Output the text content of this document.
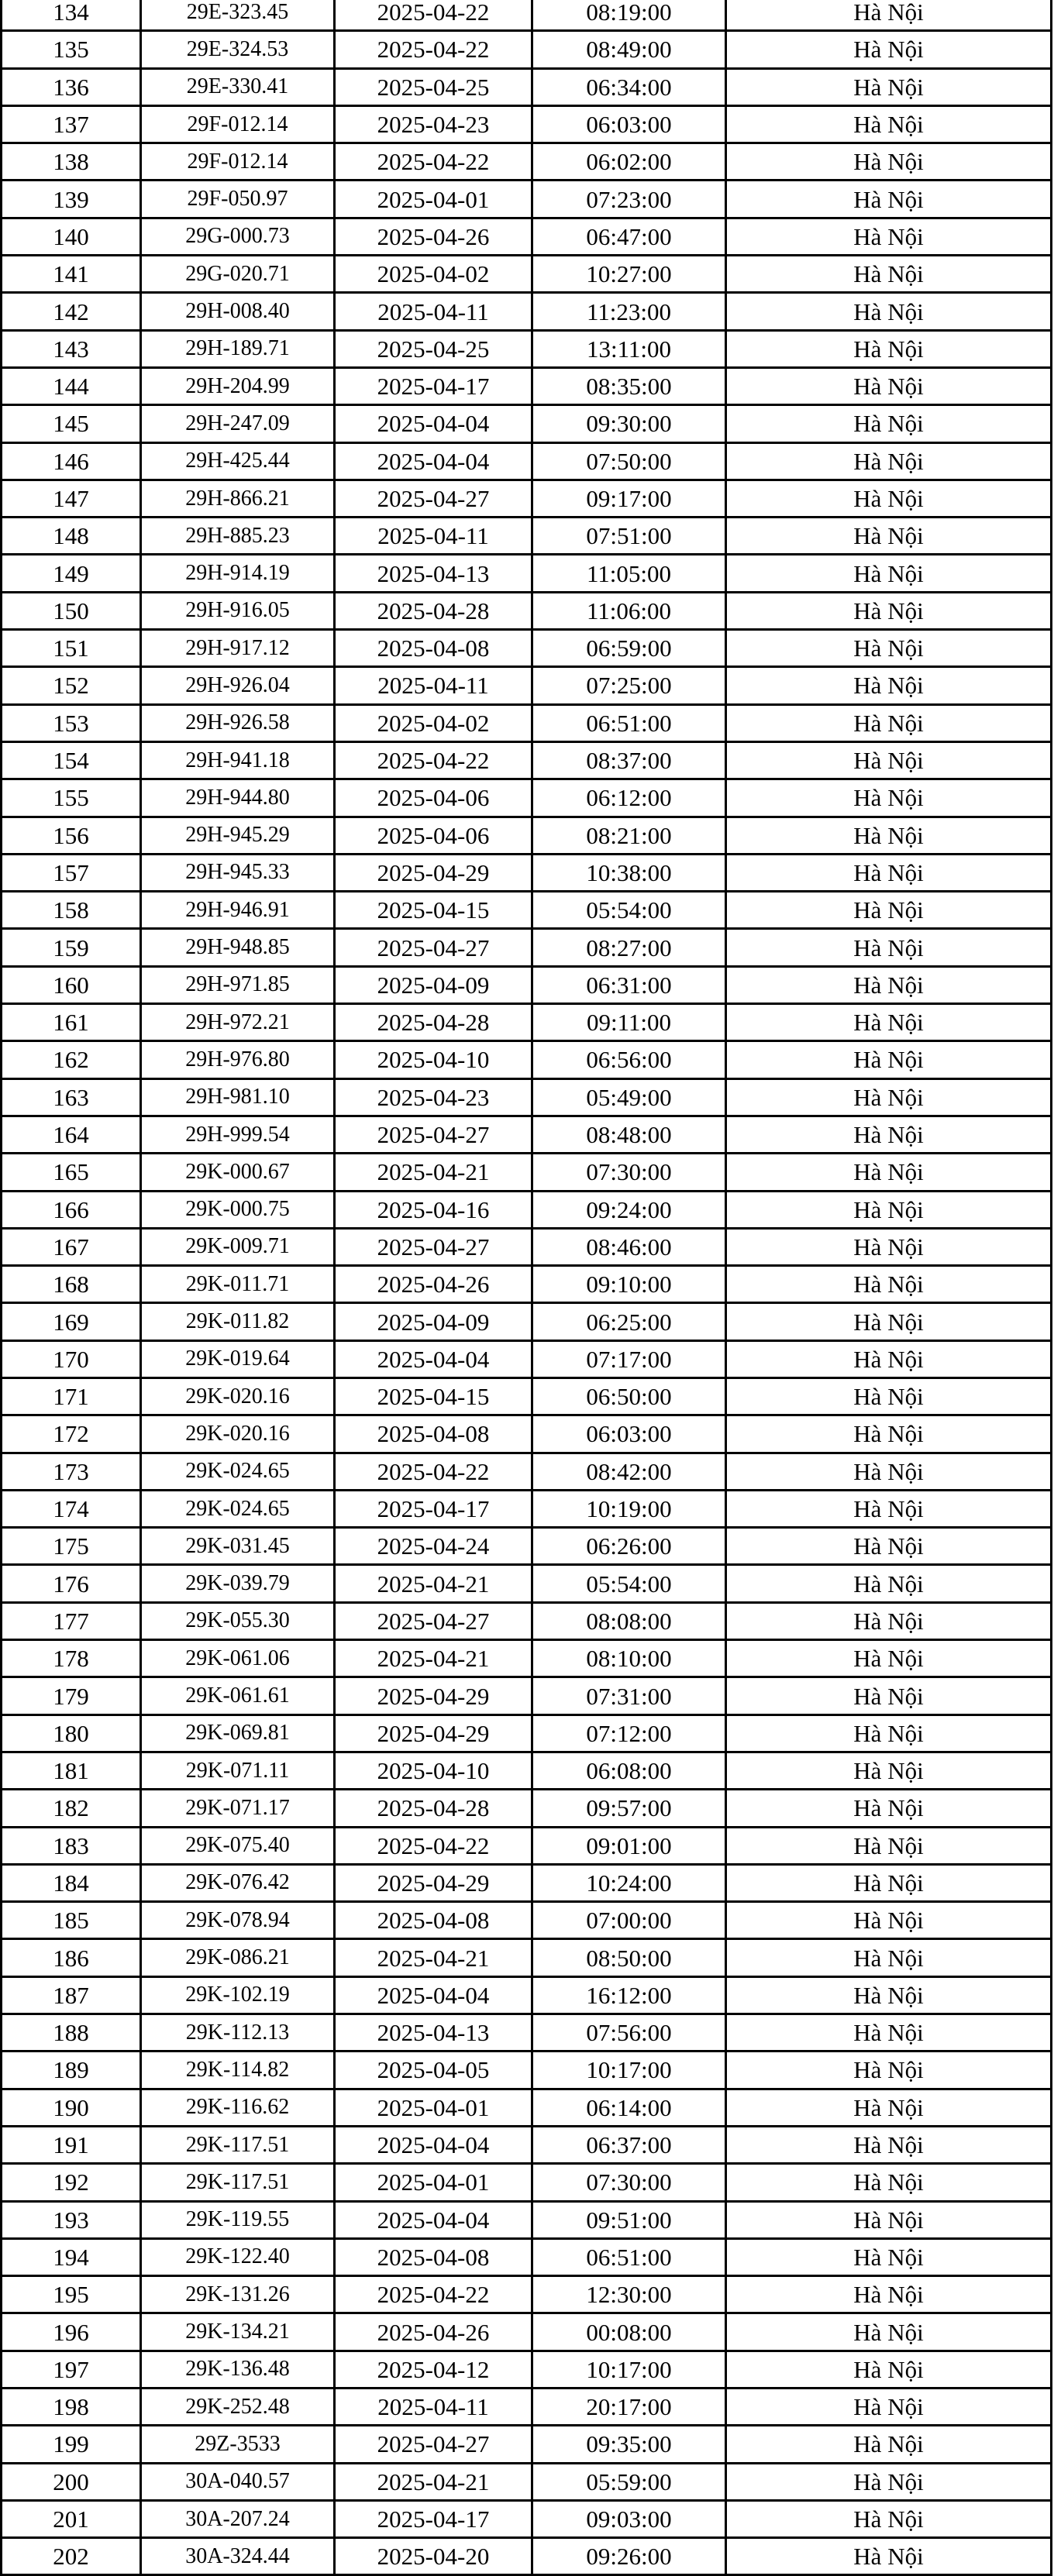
134	29E-323.45	2025-04-22	08:19:00	Hà Nội
135	29E-324.53	2025-04-22	08:49:00	Hà Nội
136	29E-330.41	2025-04-25	06:34:00	Hà Nội
137	29F-012.14	2025-04-23	06:03:00	Hà Nội
138	29F-012.14	2025-04-22	06:02:00	Hà Nội
139	29F-050.97	2025-04-01	07:23:00	Hà Nội
140	29G-000.73	2025-04-26	06:47:00	Hà Nội
141	29G-020.71	2025-04-02	10:27:00	Hà Nội
142	29H-008.40	2025-04-11	11:23:00	Hà Nội
143	29H-189.71	2025-04-25	13:11:00	Hà Nội
144	29H-204.99	2025-04-17	08:35:00	Hà Nội
145	29H-247.09	2025-04-04	09:30:00	Hà Nội
146	29H-425.44	2025-04-04	07:50:00	Hà Nội
147	29H-866.21	2025-04-27	09:17:00	Hà Nội
148	29H-885.23	2025-04-11	07:51:00	Hà Nội
149	29H-914.19	2025-04-13	11:05:00	Hà Nội
150	29H-916.05	2025-04-28	11:06:00	Hà Nội
151	29H-917.12	2025-04-08	06:59:00	Hà Nội
152	29H-926.04	2025-04-11	07:25:00	Hà Nội
153	29H-926.58	2025-04-02	06:51:00	Hà Nội
154	29H-941.18	2025-04-22	08:37:00	Hà Nội
155	29H-944.80	2025-04-06	06:12:00	Hà Nội
156	29H-945.29	2025-04-06	08:21:00	Hà Nội
157	29H-945.33	2025-04-29	10:38:00	Hà Nội
158	29H-946.91	2025-04-15	05:54:00	Hà Nội
159	29H-948.85	2025-04-27	08:27:00	Hà Nội
160	29H-971.85	2025-04-09	06:31:00	Hà Nội
161	29H-972.21	2025-04-28	09:11:00	Hà Nội
162	29H-976.80	2025-04-10	06:56:00	Hà Nội
163	29H-981.10	2025-04-23	05:49:00	Hà Nội
164	29H-999.54	2025-04-27	08:48:00	Hà Nội
165	29K-000.67	2025-04-21	07:30:00	Hà Nội
166	29K-000.75	2025-04-16	09:24:00	Hà Nội
167	29K-009.71	2025-04-27	08:46:00	Hà Nội
168	29K-011.71	2025-04-26	09:10:00	Hà Nội
169	29K-011.82	2025-04-09	06:25:00	Hà Nội
170	29K-019.64	2025-04-04	07:17:00	Hà Nội
171	29K-020.16	2025-04-15	06:50:00	Hà Nội
172	29K-020.16	2025-04-08	06:03:00	Hà Nội
173	29K-024.65	2025-04-22	08:42:00	Hà Nội
174	29K-024.65	2025-04-17	10:19:00	Hà Nội
175	29K-031.45	2025-04-24	06:26:00	Hà Nội
176	29K-039.79	2025-04-21	05:54:00	Hà Nội
177	29K-055.30	2025-04-27	08:08:00	Hà Nội
178	29K-061.06	2025-04-21	08:10:00	Hà Nội
179	29K-061.61	2025-04-29	07:31:00	Hà Nội
180	29K-069.81	2025-04-29	07:12:00	Hà Nội
181	29K-071.11	2025-04-10	06:08:00	Hà Nội
182	29K-071.17	2025-04-28	09:57:00	Hà Nội
183	29K-075.40	2025-04-22	09:01:00	Hà Nội
184	29K-076.42	2025-04-29	10:24:00	Hà Nội
185	29K-078.94	2025-04-08	07:00:00	Hà Nội
186	29K-086.21	2025-04-21	08:50:00	Hà Nội
187	29K-102.19	2025-04-04	16:12:00	Hà Nội
188	29K-112.13	2025-04-13	07:56:00	Hà Nội
189	29K-114.82	2025-04-05	10:17:00	Hà Nội
190	29K-116.62	2025-04-01	06:14:00	Hà Nội
191	29K-117.51	2025-04-04	06:37:00	Hà Nội
192	29K-117.51	2025-04-01	07:30:00	Hà Nội
193	29K-119.55	2025-04-04	09:51:00	Hà Nội
194	29K-122.40	2025-04-08	06:51:00	Hà Nội
195	29K-131.26	2025-04-22	12:30:00	Hà Nội
196	29K-134.21	2025-04-26	00:08:00	Hà Nội
197	29K-136.48	2025-04-12	10:17:00	Hà Nội
198	29K-252.48	2025-04-11	20:17:00	Hà Nội
199	29Z-3533	2025-04-27	09:35:00	Hà Nội
200	30A-040.57	2025-04-21	05:59:00	Hà Nội
201	30A-207.24	2025-04-17	09:03:00	Hà Nội
202	30A-324.44	2025-04-20	09:26:00	Hà Nội
